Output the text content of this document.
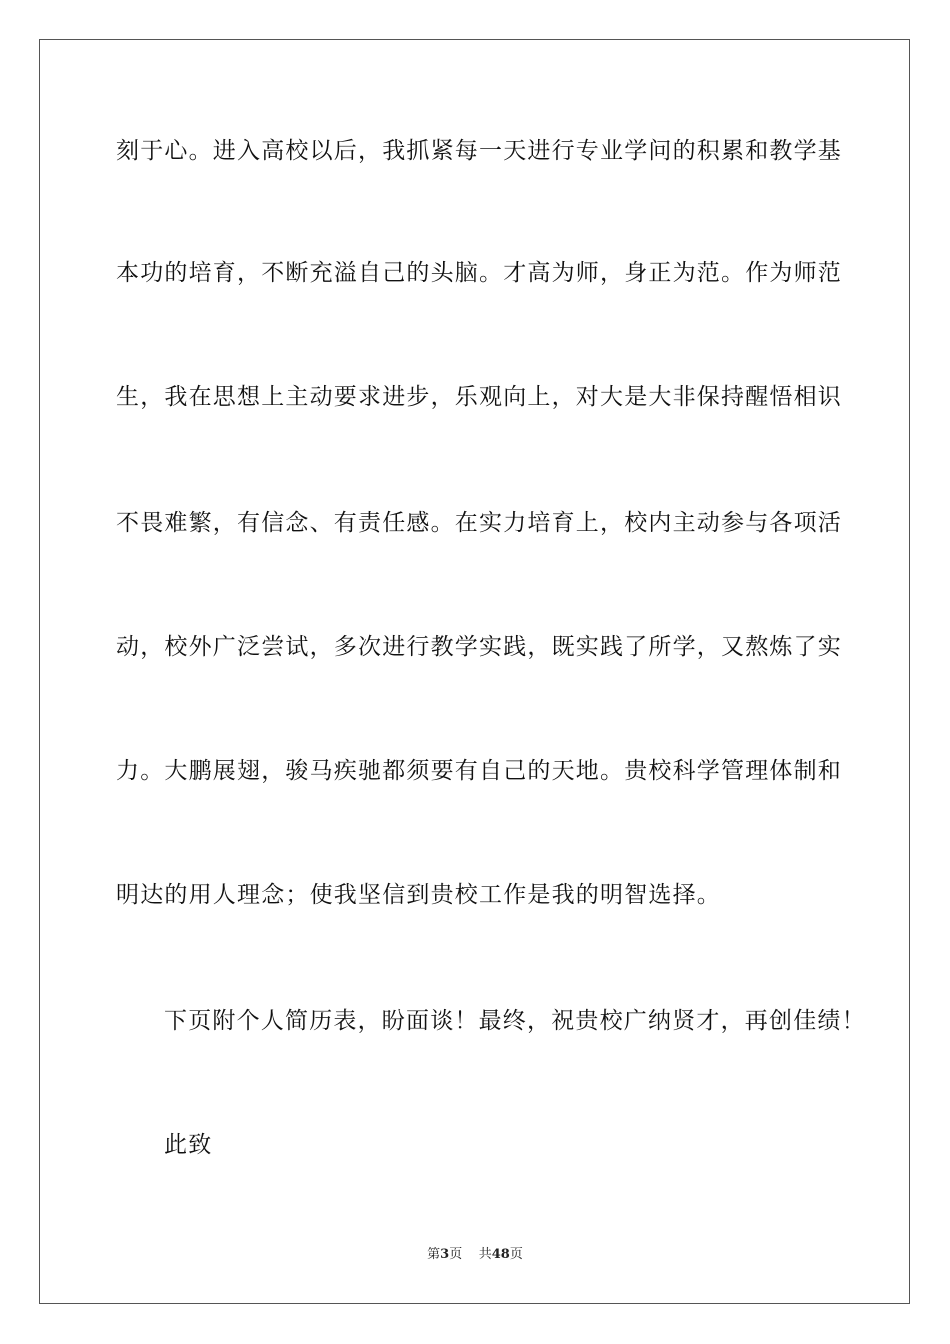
刻于心。进入高校以后，我抓紧每一天进行专业学问的积累和教学基
本功的培育，不断充溢自己的头脑。才高为师，身正为范。作为师范
生，我在思想上主动要求进步，乐观向上，对大是大非保持醒悟相识
不畏难繁，有信念、有责任感。在实力培育上，校内主动参与各项活
动，校外广泛尝试，多次进行教学实践，既实践了所学，又熬炼了实
力。大鹏展翅，骏马疾驰都须要有自己的天地。贵校科学管理体制和
明达的用人理念；使我坚信到贵校工作是我的明智选择。
下页附个人简历表，盼面谈！最终，祝贵校广纳贤才，再创佳绩！
此致
第3页 共48页
